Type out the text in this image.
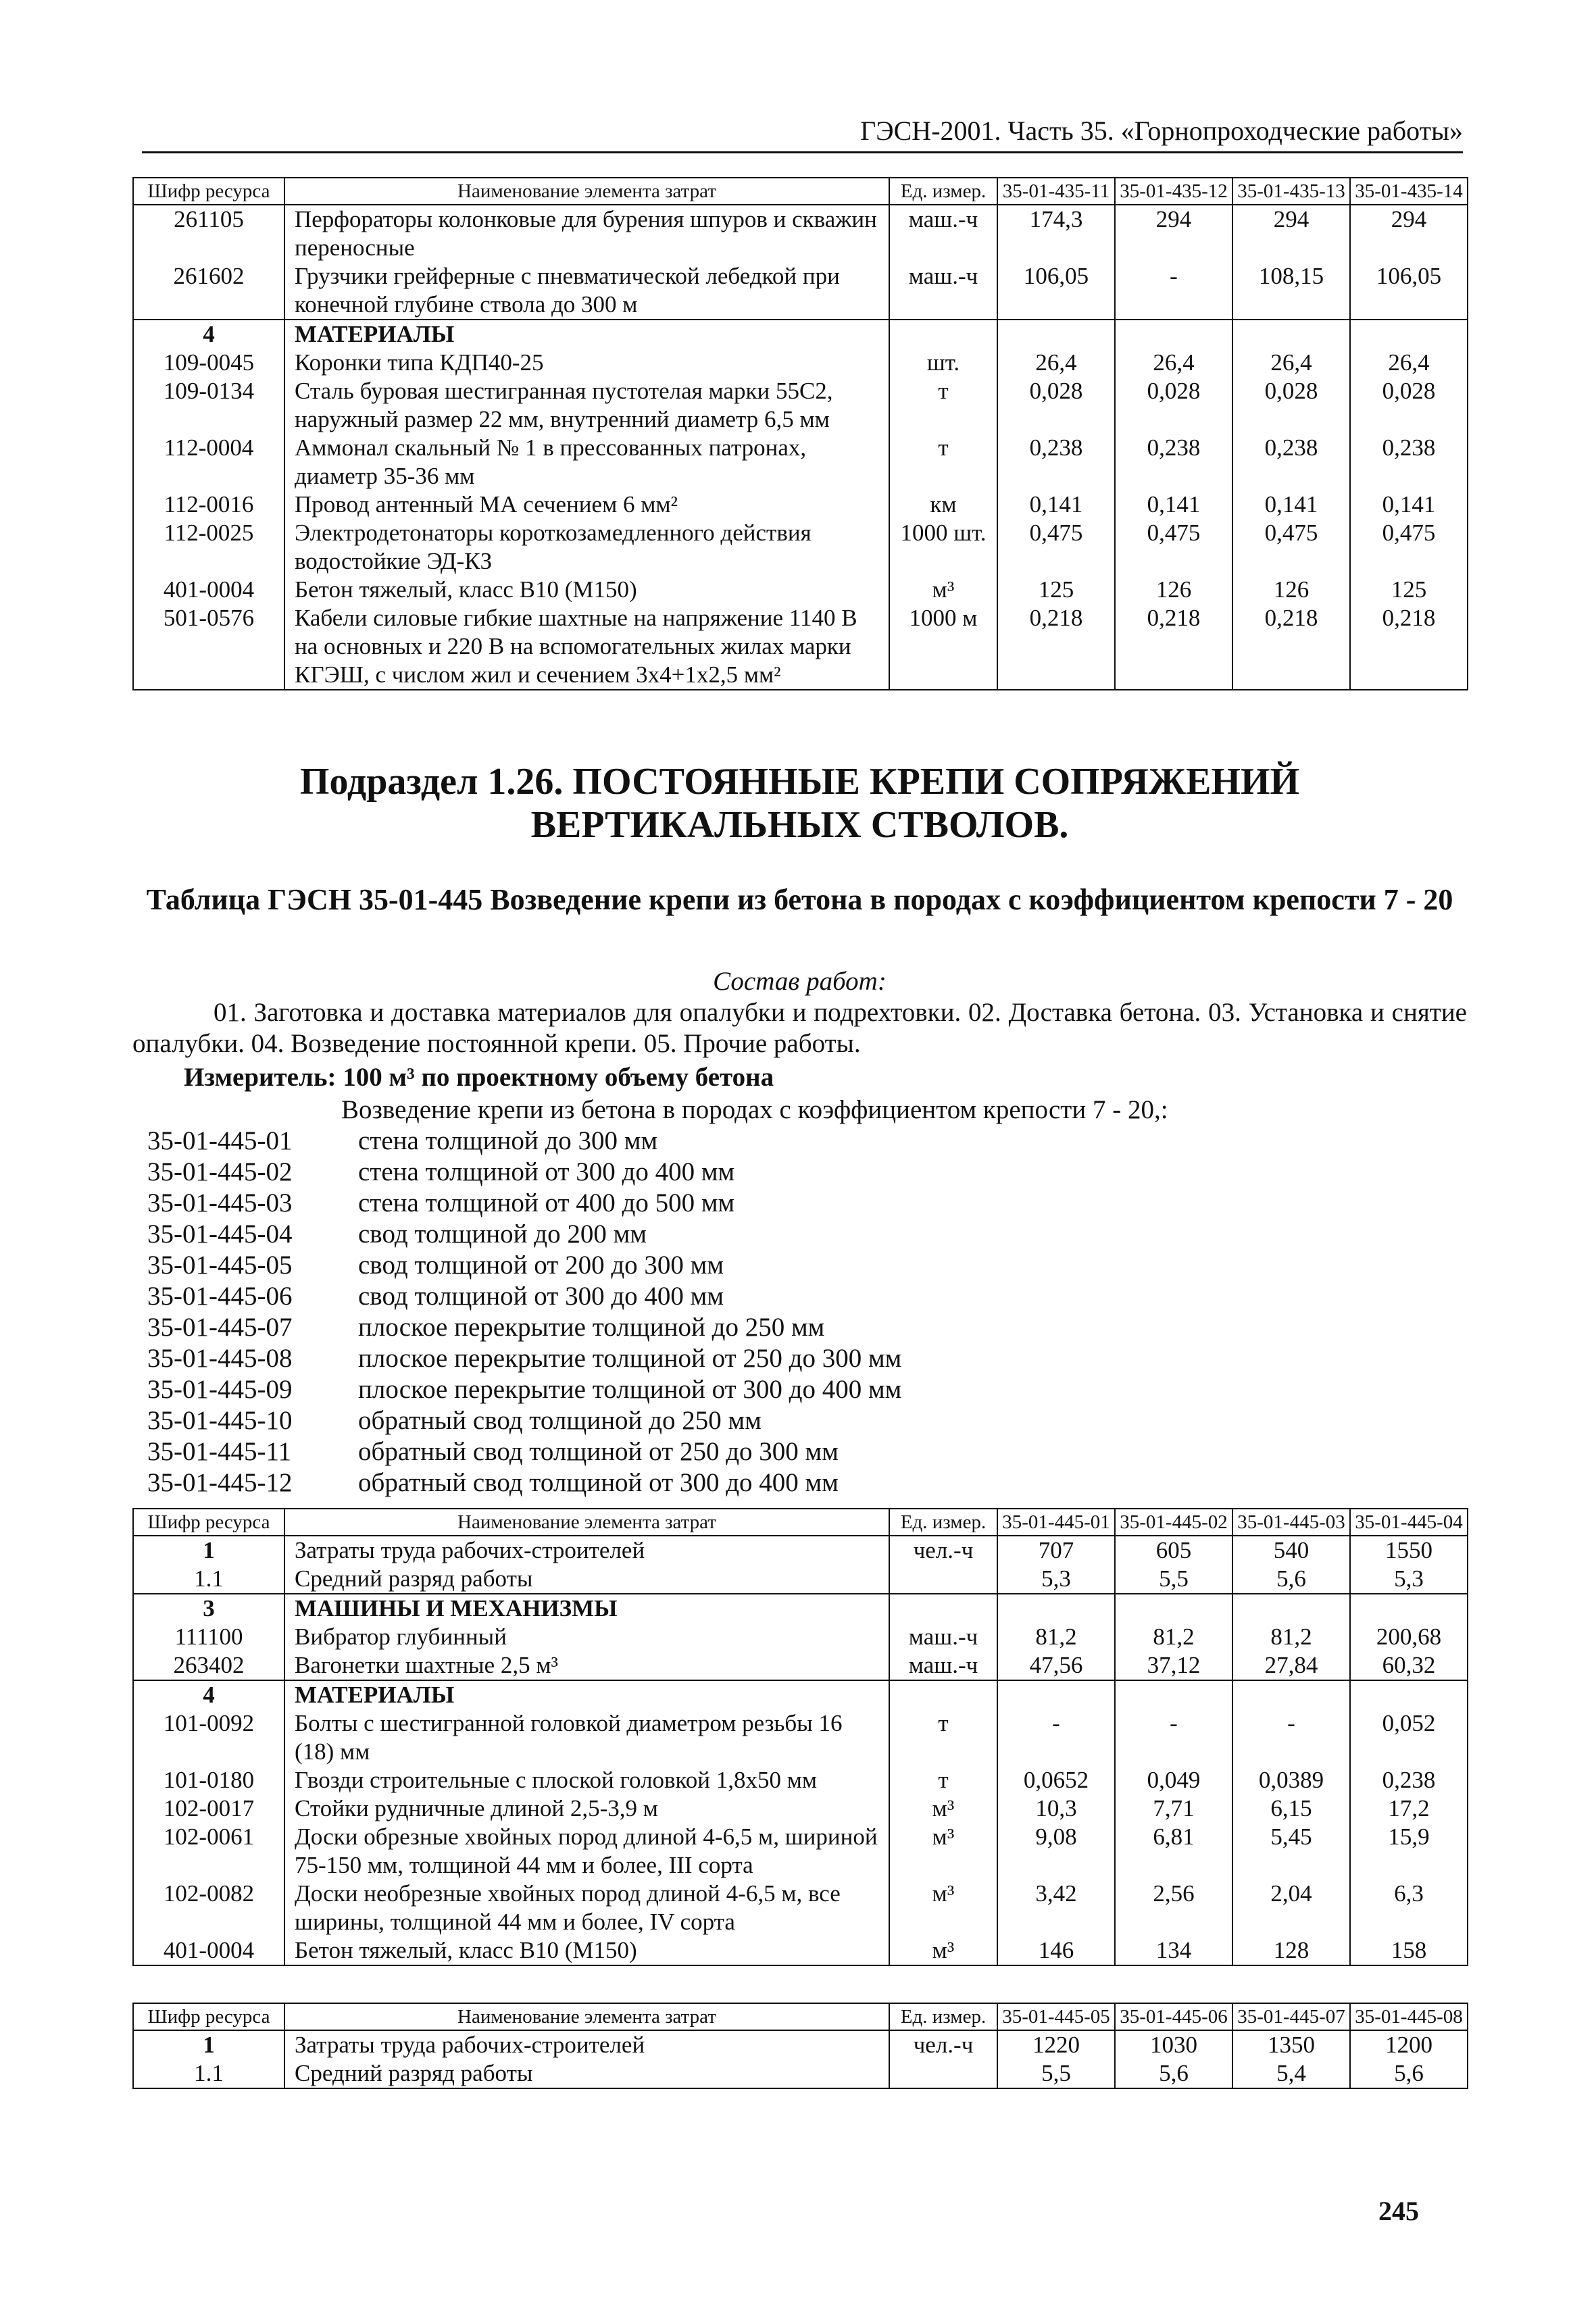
ГЭСН-2001. Часть 35. «Горнопроходческие работы»
Шифр ресурса	Наименование элемента затрат	Ед. измер.	35-01-435-11	35-01-435-12	35-01-435-13	35-01-435-14
261105	Перфораторы колонковые для бурения шпуров и скважин переносные	маш.-ч	174,3	294	294	294
261602	Грузчики грейферные с пневматической лебедкой при конечной глубине ствола до 300 м	маш.-ч	106,05	-	108,15	106,05
4	МАТЕРИАЛЫ					
109-0045	Коронки типа КДП40-25	шт.	26,4	26,4	26,4	26,4
109-0134	Сталь буровая шестигранная пустотелая марки 55С2, наружный размер 22 мм, внутренний диаметр 6,5 мм	т	0,028	0,028	0,028	0,028
112-0004	Аммонал скальный № 1 в прессованных патронах, диаметр 35-36 мм	т	0,238	0,238	0,238	0,238
112-0016	Провод антенный МА сечением 6 мм²	км	0,141	0,141	0,141	0,141
112-0025	Электродетонаторы короткозамедленного действия водостойкие ЭД-КЗ	1000 шт.	0,475	0,475	0,475	0,475
401-0004	Бетон тяжелый, класс В10 (М150)	м³	125	126	126	125
501-0576	Кабели силовые гибкие шахтные на напряжение 1140 В на основных и 220 В на вспомогательных жилах марки КГЭШ, с числом жил и сечением 3х4+1х2,5 мм²	1000 м	0,218	0,218	0,218	0,218
Подраздел 1.26. ПОСТОЯННЫЕ КРЕПИ СОПРЯЖЕНИЙ ВЕРТИКАЛЬНЫХ СТВОЛОВ.
Таблица ГЭСН 35-01-445 Возведение крепи из бетона в породах с коэффициентом крепости 7 - 20
Состав работ:
01. Заготовка и доставка материалов для опалубки и подрехтовки. 02. Доставка бетона. 03. Установка и снятие опалубки. 04. Возведение постоянной крепи. 05. Прочие работы.
Измеритель: 100 м³ по проектному объему бетона
Возведение крепи из бетона в породах с коэффициентом крепости 7 - 20,:
35-01-445-01	стена толщиной до 300 мм
35-01-445-02	стена толщиной от 300 до 400 мм
35-01-445-03	стена толщиной от 400 до 500 мм
35-01-445-04	свод толщиной до 200 мм
35-01-445-05	свод толщиной от 200 до 300 мм
35-01-445-06	свод толщиной от 300 до 400 мм
35-01-445-07	плоское перекрытие толщиной до 250 мм
35-01-445-08	плоское перекрытие толщиной от 250 до 300 мм
35-01-445-09	плоское перекрытие толщиной от 300 до 400 мм
35-01-445-10	обратный свод толщиной до 250 мм
35-01-445-11	обратный свод толщиной от 250 до 300 мм
35-01-445-12	обратный свод толщиной от 300 до 400 мм
Шифр ресурса	Наименование элемента затрат	Ед. измер.	35-01-445-01	35-01-445-02	35-01-445-03	35-01-445-04
1	Затраты труда рабочих-строителей	чел.-ч	707	605	540	1550
1.1	Средний разряд работы		5,3	5,5	5,6	5,3
3	МАШИНЫ И МЕХАНИЗМЫ					
111100	Вибратор глубинный	маш.-ч	81,2	81,2	81,2	200,68
263402	Вагонетки шахтные 2,5 м³	маш.-ч	47,56	37,12	27,84	60,32
4	МАТЕРИАЛЫ					
101-0092	Болты с шестигранной головкой диаметром резьбы 16 (18) мм	т	-	-	-	0,052
101-0180	Гвозди строительные с плоской головкой 1,8х50 мм	т	0,0652	0,049	0,0389	0,238
102-0017	Стойки рудничные длиной 2,5-3,9 м	м³	10,3	7,71	6,15	17,2
102-0061	Доски обрезные хвойных пород длиной 4-6,5 м, шириной 75-150 мм, толщиной 44 мм и более, III сорта	м³	9,08	6,81	5,45	15,9
102-0082	Доски необрезные хвойных пород длиной 4-6,5 м, все ширины, толщиной 44 мм и более, IV сорта	м³	3,42	2,56	2,04	6,3
401-0004	Бетон тяжелый, класс В10 (М150)	м³	146	134	128	158
Шифр ресурса	Наименование элемента затрат	Ед. измер.	35-01-445-05	35-01-445-06	35-01-445-07	35-01-445-08
1	Затраты труда рабочих-строителей	чел.-ч	1220	1030	1350	1200
1.1	Средний разряд работы		5,5	5,6	5,4	5,6
245
